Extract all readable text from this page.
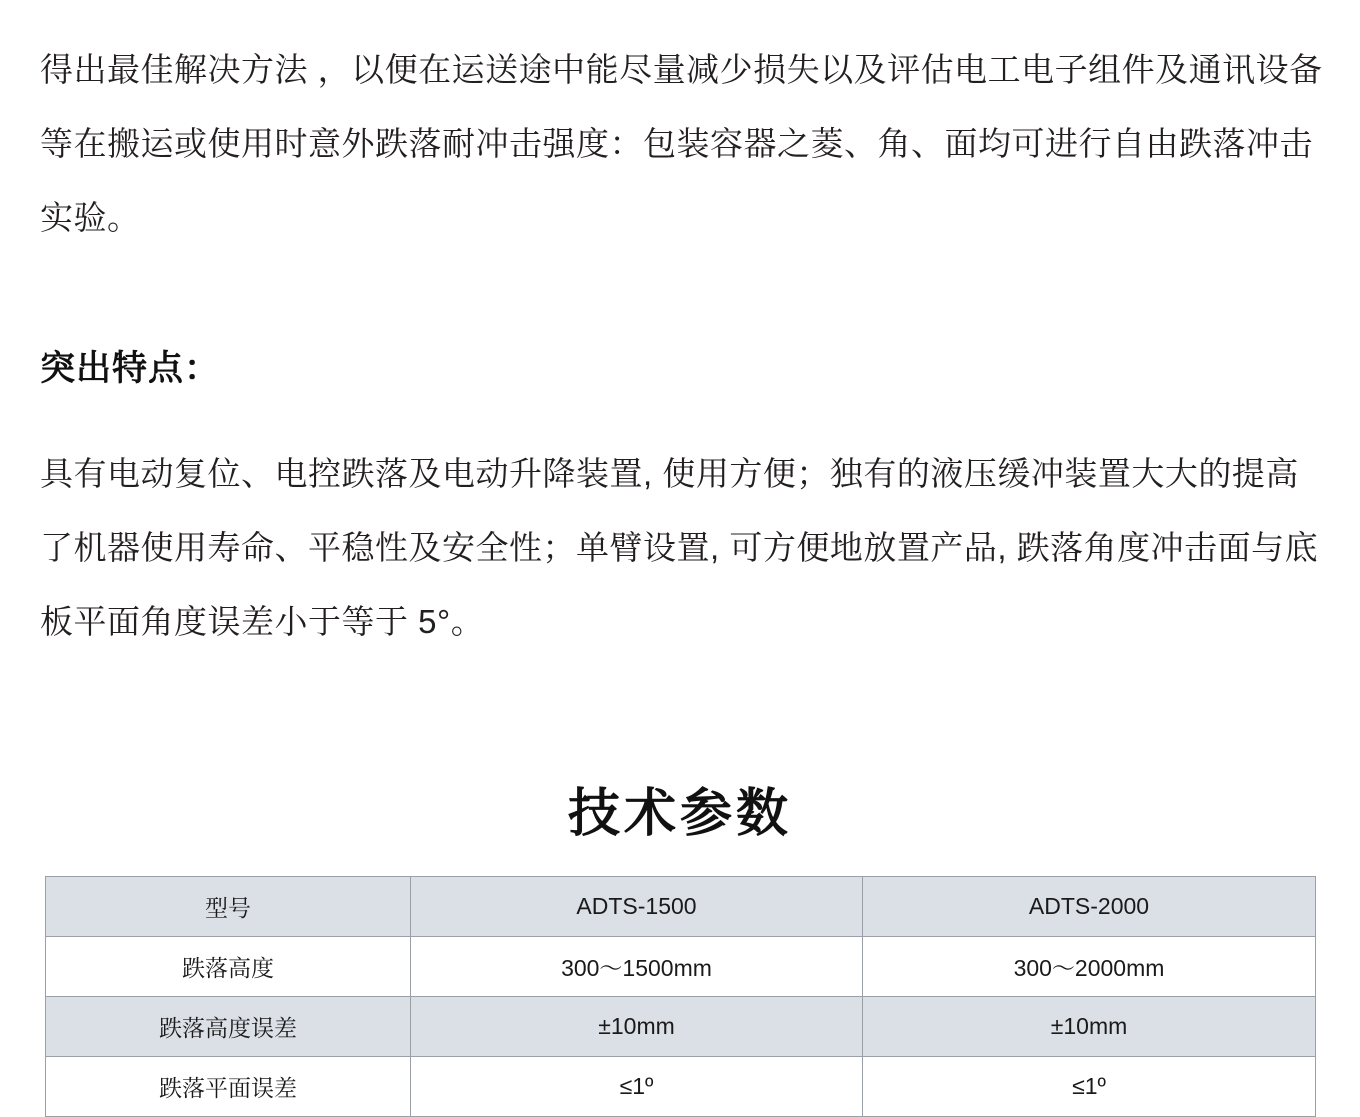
得出最佳解决方法 ，以便在运送途中能尽量减少损失以及评估电工电子组件及通讯设备等在搬运或使用时意外跌落耐冲击强度：包装容器之菱、角、面均可进行自由跌落冲击实验。

突出特点：

具有电动复位、电控跌落及电动升降装置, 使用方便；独有的液压缓冲装置大大的提高了机器使用寿命、平稳性及安全性；单臂设置, 可方便地放置产品, 跌落角度冲击面与底板平面角度误差小于等于 5°。

技术参数
型号	ADTS-1500	ADTS-2000
跌落高度	300～1500mm	300～2000mm
跌落高度误差	±10mm	±10mm
跌落平面误差	≤1º	≤1º
